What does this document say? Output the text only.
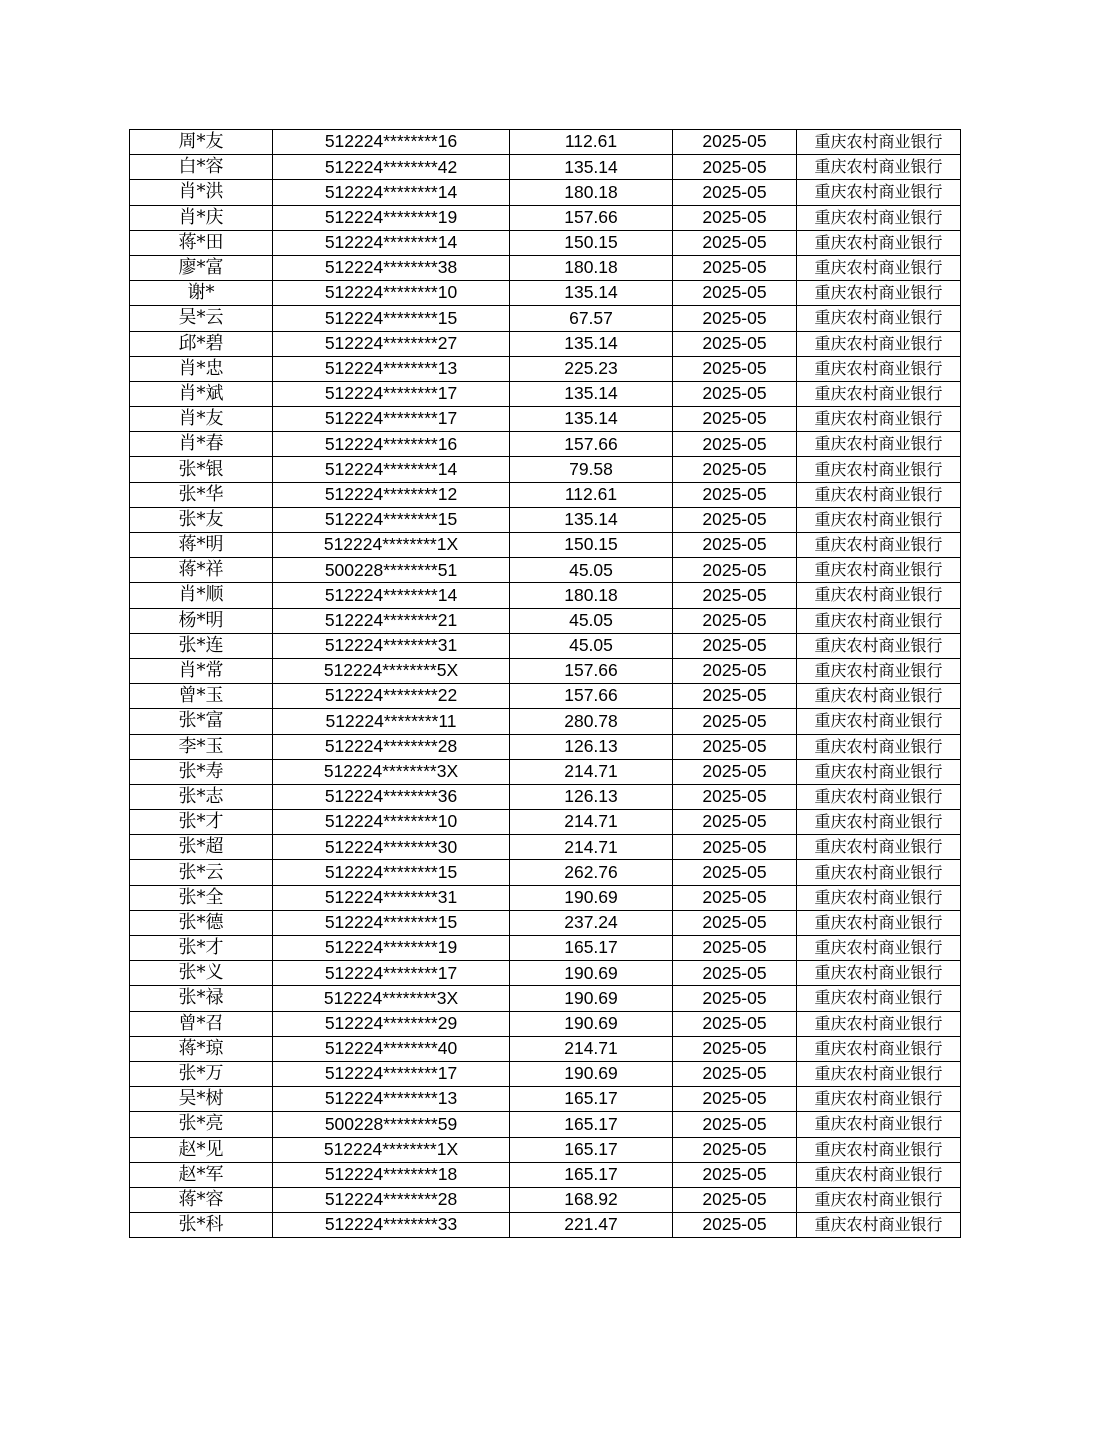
周*友	512224********16	112.61	2025-05	重庆农村商业银行
白*容	512224********42	135.14	2025-05	重庆农村商业银行
肖*洪	512224********14	180.18	2025-05	重庆农村商业银行
肖*庆	512224********19	157.66	2025-05	重庆农村商业银行
蒋*田	512224********14	150.15	2025-05	重庆农村商业银行
廖*富	512224********38	180.18	2025-05	重庆农村商业银行
谢*	512224********10	135.14	2025-05	重庆农村商业银行
吴*云	512224********15	67.57	2025-05	重庆农村商业银行
邱*碧	512224********27	135.14	2025-05	重庆农村商业银行
肖*忠	512224********13	225.23	2025-05	重庆农村商业银行
肖*斌	512224********17	135.14	2025-05	重庆农村商业银行
肖*友	512224********17	135.14	2025-05	重庆农村商业银行
肖*春	512224********16	157.66	2025-05	重庆农村商业银行
张*银	512224********14	79.58	2025-05	重庆农村商业银行
张*华	512224********12	112.61	2025-05	重庆农村商业银行
张*友	512224********15	135.14	2025-05	重庆农村商业银行
蒋*明	512224********1X	150.15	2025-05	重庆农村商业银行
蒋*祥	500228********51	45.05	2025-05	重庆农村商业银行
肖*顺	512224********14	180.18	2025-05	重庆农村商业银行
杨*明	512224********21	45.05	2025-05	重庆农村商业银行
张*连	512224********31	45.05	2025-05	重庆农村商业银行
肖*常	512224********5X	157.66	2025-05	重庆农村商业银行
曾*玉	512224********22	157.66	2025-05	重庆农村商业银行
张*富	512224********11	280.78	2025-05	重庆农村商业银行
李*玉	512224********28	126.13	2025-05	重庆农村商业银行
张*寿	512224********3X	214.71	2025-05	重庆农村商业银行
张*志	512224********36	126.13	2025-05	重庆农村商业银行
张*才	512224********10	214.71	2025-05	重庆农村商业银行
张*超	512224********30	214.71	2025-05	重庆农村商业银行
张*云	512224********15	262.76	2025-05	重庆农村商业银行
张*全	512224********31	190.69	2025-05	重庆农村商业银行
张*德	512224********15	237.24	2025-05	重庆农村商业银行
张*才	512224********19	165.17	2025-05	重庆农村商业银行
张*义	512224********17	190.69	2025-05	重庆农村商业银行
张*禄	512224********3X	190.69	2025-05	重庆农村商业银行
曾*召	512224********29	190.69	2025-05	重庆农村商业银行
蒋*琼	512224********40	214.71	2025-05	重庆农村商业银行
张*万	512224********17	190.69	2025-05	重庆农村商业银行
吴*树	512224********13	165.17	2025-05	重庆农村商业银行
张*亮	500228********59	165.17	2025-05	重庆农村商业银行
赵*见	512224********1X	165.17	2025-05	重庆农村商业银行
赵*军	512224********18	165.17	2025-05	重庆农村商业银行
蒋*容	512224********28	168.92	2025-05	重庆农村商业银行
张*科	512224********33	221.47	2025-05	重庆农村商业银行
